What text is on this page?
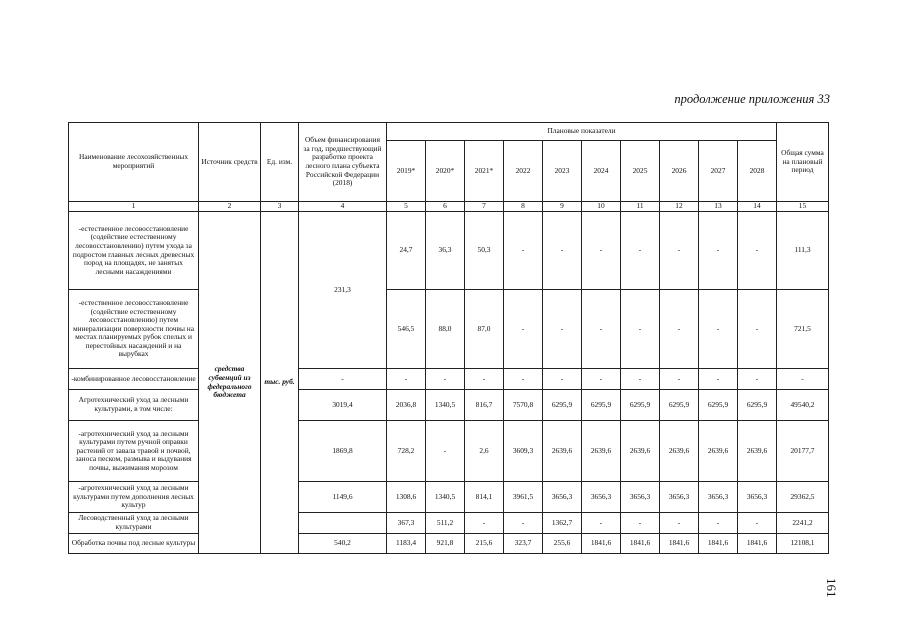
продолжение приложения 33
Наименование лесохозяйственных мероприятий	Источник средств	Ед. изм.	Объем финансирования за год, предшествующий разработке проекта лесного плана субъекта Российской Федерации (2018)	Плановые показатели										Общая сумма на плановый период
				2019*	2020*	2021*	2022	2023	2024	2025	2026	2027	2028	
1	2	3	4	5	6	7	8	9	10	11	12	13	14	15
-естественное лесовосстановление (содействие естественному лесовосстановлению) путем ухода за подростом главных лесных древесных пород на площадях, не занятых лесными насаждениями	средства субвенций из федерального бюджета	тыс. руб.	231,3	24,7	36,3	50,3	-	-	-	-	-	-	-	111,3
-естественное лесовосстановление (содействие естественному лесовосстановлению) путем минерализации поверхности почвы на местах планируемых рубок спелых и перестойных насаждений и на вырубках				546,5	88,0	87,0	-	-	-	-	-	-	-	721,5
-комбинированное лесовосстановление			-	-	-	-	-	-	-	-	-	-	-	-
Агротехнический уход за лесными культурами, в том числе:			3019,4	2036,8	1340,5	816,7	7570,8	6295,9	6295,9	6295,9	6295,9	6295,9	6295,9	49540,2
-агротехнический уход за лесными культурами путем ручной оправки растений от завала травой и почвой, заноса песком, размыва и выдувания почвы, выжимания морозом			1869,8	728,2	-	2,6	3609,3	2639,6	2639,6	2639,6	2639,6	2639,6	2639,6	20177,7
-агротехнический уход за лесными культурами путем дополнения лесных культур			1149,6	1308,6	1340,5	814,1	3961,5	3656,3	3656,3	3656,3	3656,3	3656,3	3656,3	29362,5
Лесоводственный уход за лесными культурами				367,3	511,2	-	-	1362,7	-	-	-	-	-	2241,2
Обработка почвы под лесные культуры			540,2	1183,4	921,8	215,6	323,7	255,6	1841,6	1841,6	1841,6	1841,6	1841,6	12108,1
161
